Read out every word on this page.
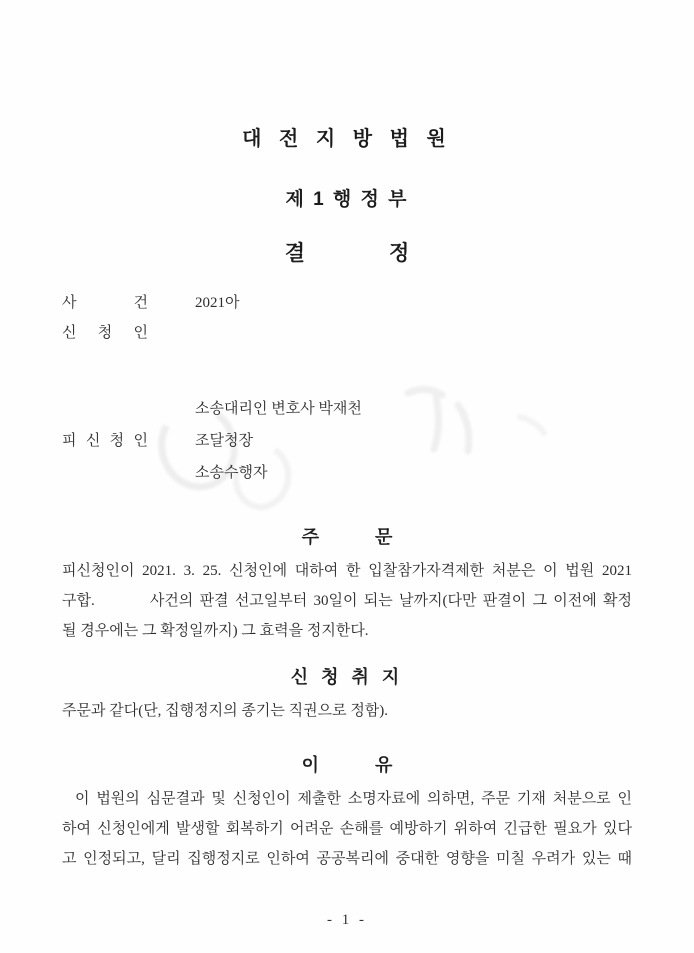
대 전 지 방 법 원
제 1 행 정 부
결	정
사 건	2021아
신 청 인
소송대리인 변호사 박재천
피 신 청 인	조달청장
소송수행자
주	문
피신청인이 2021. 3. 25. 신청인에 대하여 한 입찰참가자격제한 처분은 이 법원 2021
구합.　　　사건의 판결 선고일부터 30일이 되는 날까지(다만 판결이 그 이전에 확정
될 경우에는 그 확정일까지) 그 효력을 정지한다.
신 청 취 지
주문과 같다(단, 집행정지의 종기는 직권으로 정함).
이	유
이 법원의 심문결과 및 신청인이 제출한 소명자료에 의하면, 주문 기재 처분으로 인
하여 신청인에게 발생할 회복하기 어려운 손해를 예방하기 위하여 긴급한 필요가 있다
고 인정되고, 달리 집행정지로 인하여 공공복리에 중대한 영향을 미칠 우려가 있는 때
- 1 -
